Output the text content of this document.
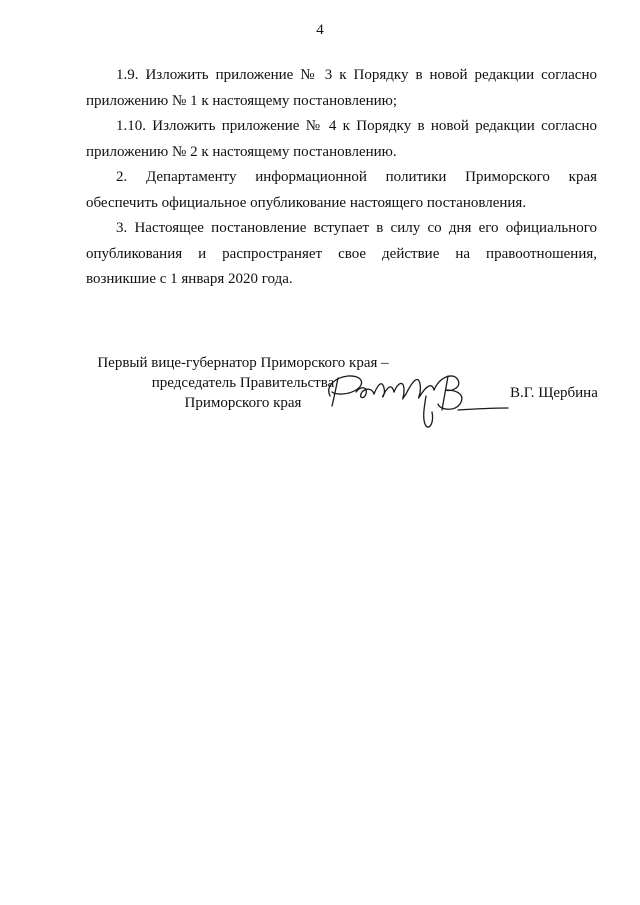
4

1.9. Изложить приложение № 3 к Порядку в новой редакции согласно приложению № 1 к настоящему постановлению;

1.10. Изложить приложение № 4 к Порядку в новой редакции согласно приложению № 2 к настоящему постановлению.

2. Департаменту информационной политики Приморского края обеспечить официальное опубликование настоящего постановления.

3. Настоящее постановление вступает в силу со дня его официального опубликования и распространяет свое действие на правоотношения, возникшие с 1 января 2020 года.

Первый вице-губернатор Приморского края –
председатель Правительства
Приморского края
В.Г. Щербина
